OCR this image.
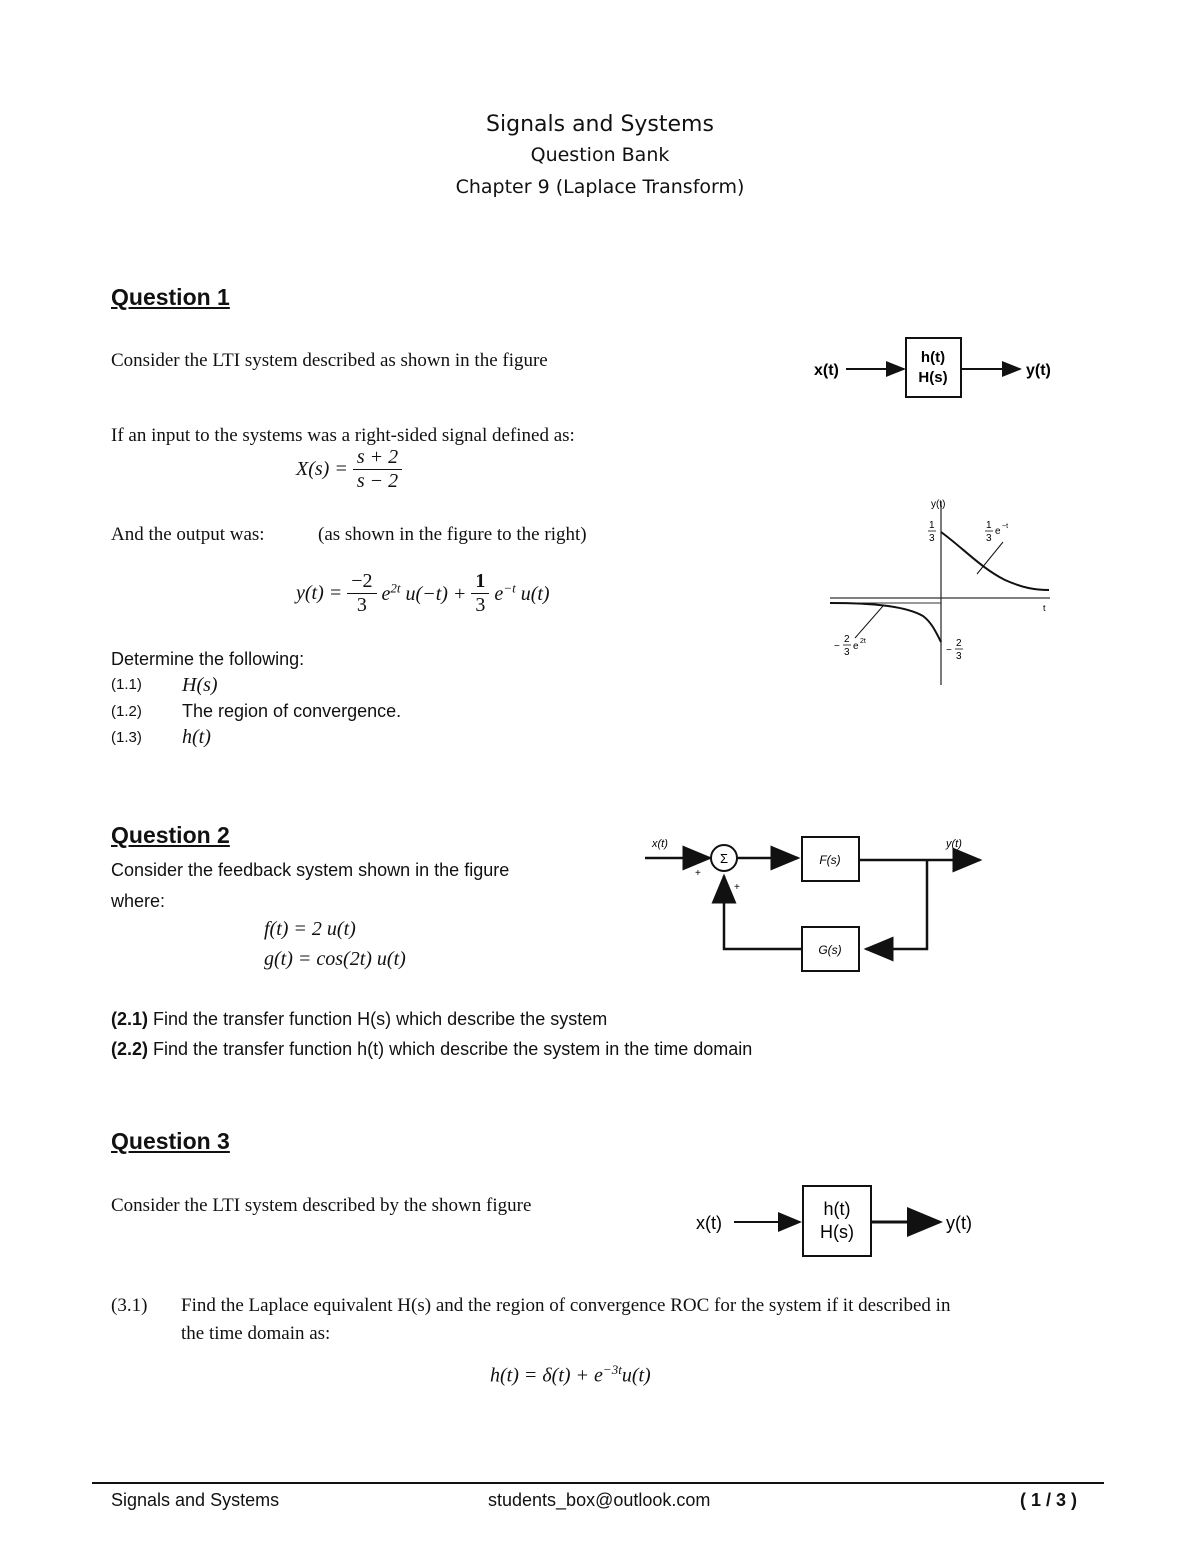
Signals and Systems
Question Bank
Chapter 9 (Laplace Transform)
Question 1
Consider the LTI system described as shown in the figure
If an input to the systems was a right-sided signal defined as:
$X(s) = \frac{s + 2}{s - 2}$
And the output was:	(as shown in the figure to the right)
$y(t) = \frac{-2}{3} e^{2t}$ $u(-t) + \frac{1}{3} e^{-t}$ u(t)
Determine the following:
(1.1) H(s)
(1.2) The region of convergence.
(1.3) h(t)
x(t)
h(t)
H(s)	y(t)
y(t)
t
1
3
1
3
e −t
−
2
3
e 2t
−
2
3
Question 2
Consider the feedback system shown in the figure
where:
f(t) = 2 u(t)
g(t) = cos(2t) u(t)
(2.1) Find the transfer function H(s) which describe the system
(2.2) Find the transfer function h(t) which describe the system in the time domain
x(t)
Σ
+
+
F(s)
y(t)
G(s)
Question 3
Consider the LTI system described by the shown figure
x(t)
h(t)
H(s)	y(t)
(3.1) Find the Laplace equivalent H(s) and the region of convergence ROC for the system if it described in
the time domain as:
$h(t) = \delta(t) + e^{-3t}u(t)$
Signals and Systems	students_box@outlook.com	( 1 / 3 )
